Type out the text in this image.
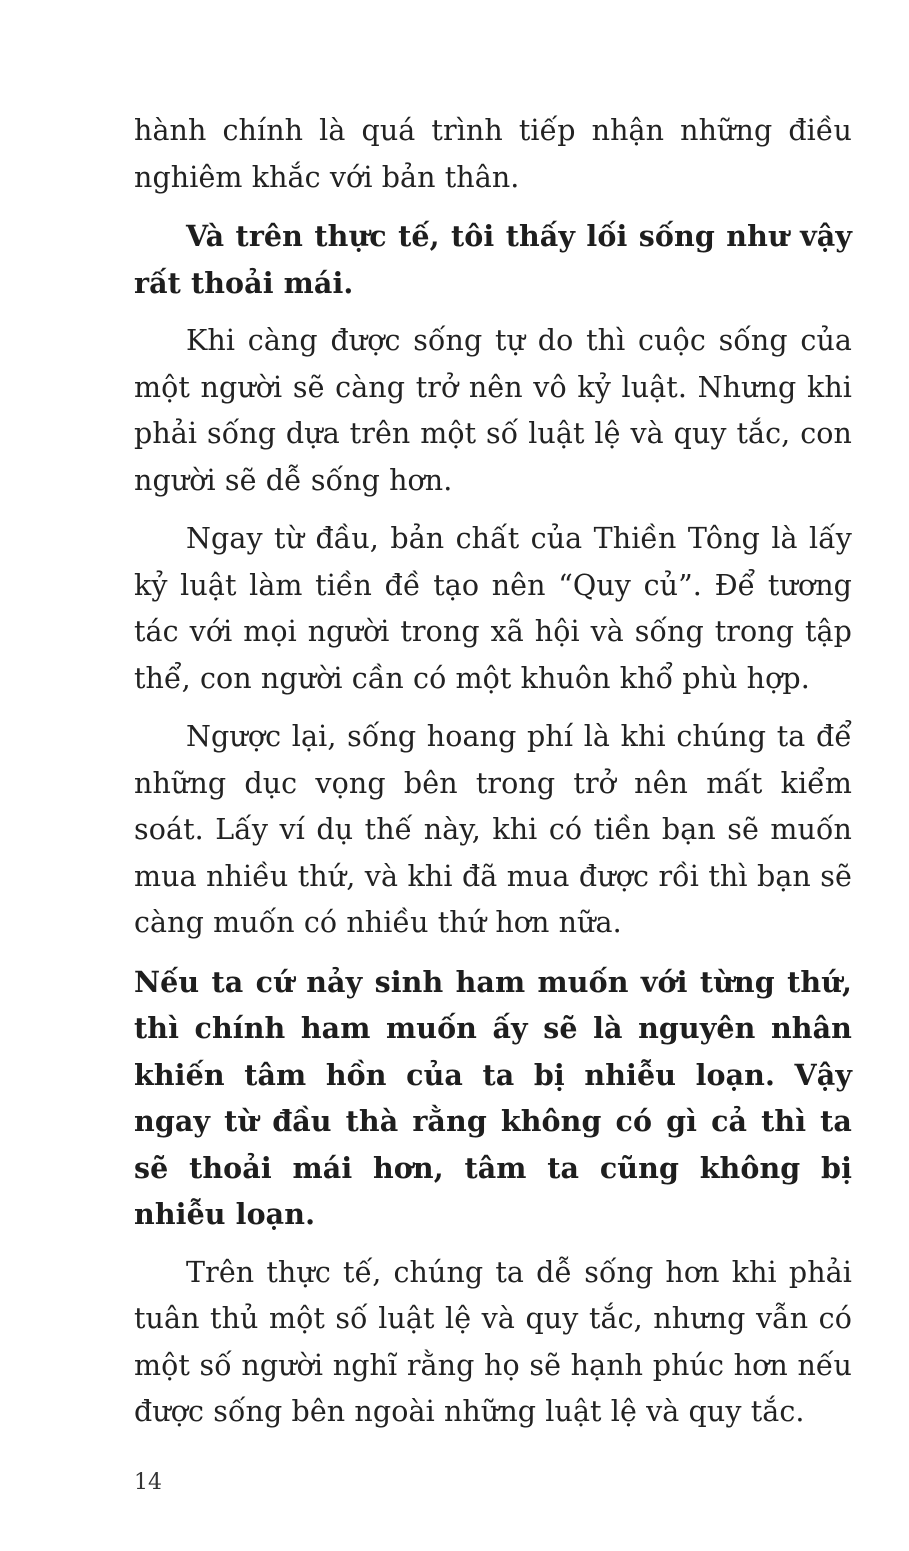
hành chính là quá trình tiếp nhận những điều nghiêm khắc với bản thân.

Và trên thực tế, tôi thấy lối sống như vậy rất thoải mái.

Khi càng được sống tự do thì cuộc sống của một người sẽ càng trở nên vô kỷ luật. Nhưng khi phải sống dựa trên một số luật lệ và quy tắc, con người sẽ dễ sống hơn.

Ngay từ đầu, bản chất của Thiền Tông là lấy kỷ luật làm tiền đề tạo nên “Quy củ”. Để tương tác với mọi người trong xã hội và sống trong tập thể, con người cần có một khuôn khổ phù hợp.

Ngược lại, sống hoang phí là khi chúng ta để những dục vọng bên trong trở nên mất kiểm soát. Lấy ví dụ thế này, khi có tiền bạn sẽ muốn mua nhiều thứ, và khi đã mua được rồi thì bạn sẽ càng muốn có nhiều thứ hơn nữa.

Nếu ta cứ nảy sinh ham muốn với từng thứ, thì chính ham muốn ấy sẽ là nguyên nhân khiến tâm hồn của ta bị nhiễu loạn. Vậy ngay từ đầu thà rằng không có gì cả thì ta sẽ thoải mái hơn, tâm ta cũng không bị nhiễu loạn.

Trên thực tế, chúng ta dễ sống hơn khi phải tuân thủ một số luật lệ và quy tắc, nhưng vẫn có một số người nghĩ rằng họ sẽ hạnh phúc hơn nếu được sống bên ngoài những luật lệ và quy tắc.

14
